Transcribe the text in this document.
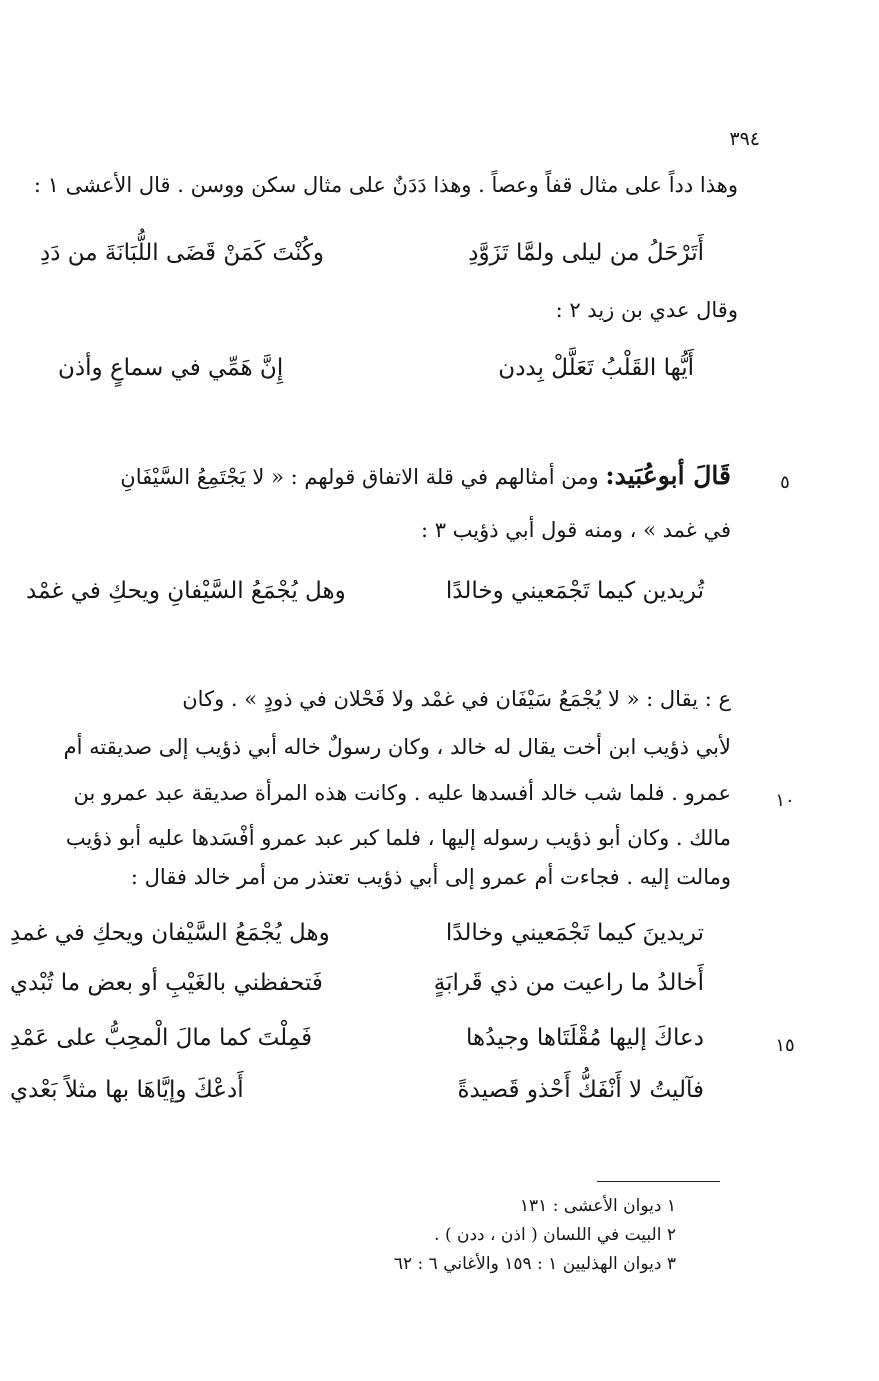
٣٩٤
وهذا دداً على مثال قفاً وعصاً . وهذا دَدَنٌ على مثال سكن ووسن . قال الأعشى ١ :
أَتَرْحَلُ من ليلى ولمَّا تَزَوَّدِ
وكُنْتَ كَمَنْ قَضَى اللُّبَانَةَ من دَدِ
وقال عدي بن زيد ٢ :
أَيُّها القَلْبُ تَعَلَّلْ بِددن
إِنَّ هَمِّي في سماعٍ وأذن
٥
قَالَ أبوعُبَيد: ومن أمثالهم في قلة الاتفاق قولهم : « لا يَجْتَمِعُ السَّيْفَانِ
في غمد » ، ومنه قول أبي ذؤيب ٣ :
تُريدين كيما تَجْمَعيني وخالدًا
وهل يُجْمَعُ السَّيْفانِ ويحكِ في غمْد
ع : يقال : « لا يُجْمَعُ سَيْفَان في غمْد ولا فَحْلان في ذودٍ » . وكان
لأبي ذؤيب ابن أخت يقال له خالد ، وكان رسولٌ خاله أبي ذؤيب إلى صديقته أم
١٠
عمرو . فلما شب خالد أفسدها عليه . وكانت هذه المرأة صديقة عبد عمرو بن
مالك . وكان أبو ذؤيب رسوله إليها ، فلما كبر عبد عمرو أفْسَدها عليه أبو ذؤيب
ومالت إليه . فجاءت أم عمرو إلى أبي ذؤيب تعتذر من أمر خالد فقال :
تريدينَ كيما تَجْمَعيني وخالدًا
وهل يُجْمَعُ السَّيْفان ويحكِ في غمدِ
أَخالدُ ما راعيت من ذي قَرابَةٍ
فَتحفظني بالغَيْبِ أو بعض ما تُبْدي
١٥
دعاكَ إليها مُقْلَتَاها وجيدُها
فَمِلْتَ كما مالَ الْمحِبُّ على عَمْدِ
فآليتُ لا أَنْفَكُّ أَحْذو قَصيدةً
أَدعْكَ وإيَّاهَا بها مثلاً بَعْدي
١ ديوان الأعشى : ١٣١
٢ البيت في اللسان ( اذن ، ددن ) .
٣ ديوان الهذليين ١ : ١٥٩ والأغاني ٦ : ٦٢
